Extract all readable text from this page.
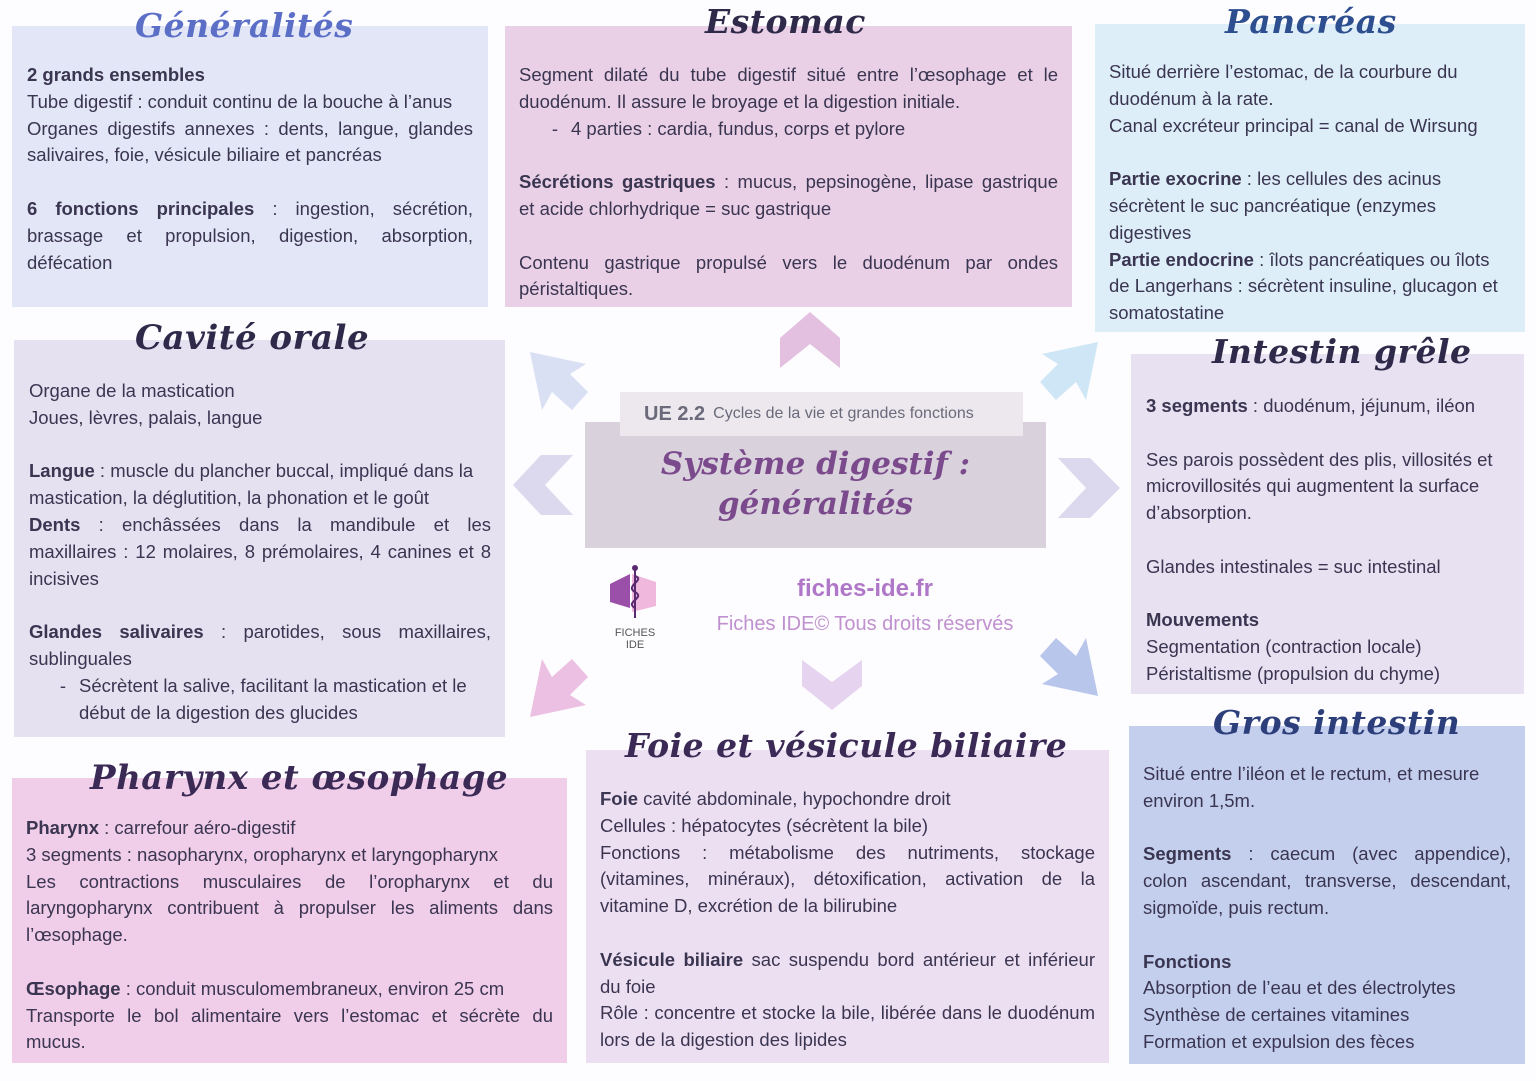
2 grands ensembles

Tube digestif : conduit continu de la bouche à l’anus

Organes digestifs annexes : dents, langue, glandes salivaires, foie, vésicule biliaire et pancréas

6 fonctions principales : ingestion, sécrétion, brassage et propulsion, digestion, absorption, défécation

Généralités

Segment dilaté du tube digestif situé entre l’œsophage et le duodénum. Il assure le broyage et la digestion initiale.

- 4 parties : cardia, fundus, corps et pylore

Sécrétions gastriques : mucus, pepsinogène, lipase gastrique et acide chlorhydrique = suc gastrique

Contenu gastrique propulsé vers le duodénum par ondes péristaltiques.

Estomac

Situé derrière l’estomac, de la courbure du duodénum à la rate.

Canal excréteur principal = canal de Wirsung

Partie exocrine : les cellules des acinus sécrètent le suc pancréatique (enzymes digestives

Partie endocrine : îlots pancréatiques ou îlots de Langerhans : sécrètent insuline, glucagon et somatostatine

Pancréas

Organe de la mastication

Joues, lèvres, palais, langue

Langue : muscle du plancher buccal, impliqué dans la mastication, la déglutition, la phonation et le goût

Dents : enchâssées dans la mandibule et les maxillaires : 12 molaires, 8 prémolaires, 4 canines et 8 incisives

Glandes salivaires : parotides, sous maxillaires, sublinguales

- Sécrètent la salive, facilitant la mastication et le début de la digestion des glucides
Cavité orale
UE 2.2 Cycles de la vie et grandes fonctions
Système digestif :
généralités
FICHES
IDE
fiches-ide.fr
Fiches IDE© Tous droits réservés

3 segments : duodénum, jéjunum, iléon

Ses parois possèdent des plis, villosités et microvillosités qui augmentent la surface d’absorption.

Glandes intestinales = suc intestinal

Mouvements

Segmentation (contraction locale)

Péristaltisme (propulsion du chyme)

Intestin grêle

Pharynx : carrefour aéro-digestif

3 segments : nasopharynx, oropharynx et laryngopharynx

Les contractions musculaires de l’oropharynx et du laryngopharynx contribuent à propulser les aliments dans l’œsophage.

Œsophage : conduit musculomembraneux, environ 25 cm

Transporte le bol alimentaire vers l’estomac et sécrète du mucus.

Pharynx et œsophage

Foie cavité abdominale, hypochondre droit

Cellules : hépatocytes (sécrètent la bile)

Fonctions : métabolisme des nutriments, stockage (vitamines, minéraux), détoxification, activation de la vitamine D, excrétion de la bilirubine

Vésicule biliaire sac suspendu bord antérieur et inférieur du foie

Rôle : concentre et stocke la bile, libérée dans le duodénum lors de la digestion des lipides

Foie et vésicule biliaire

Situé entre l’iléon et le rectum, et mesure environ 1,5m.

Segments : caecum (avec appendice), colon ascendant, transverse, descendant, sigmoïde, puis rectum.

Fonctions

Absorption de l’eau et des électrolytes

Synthèse de certaines vitamines

Formation et expulsion des fèces

Gros intestin
